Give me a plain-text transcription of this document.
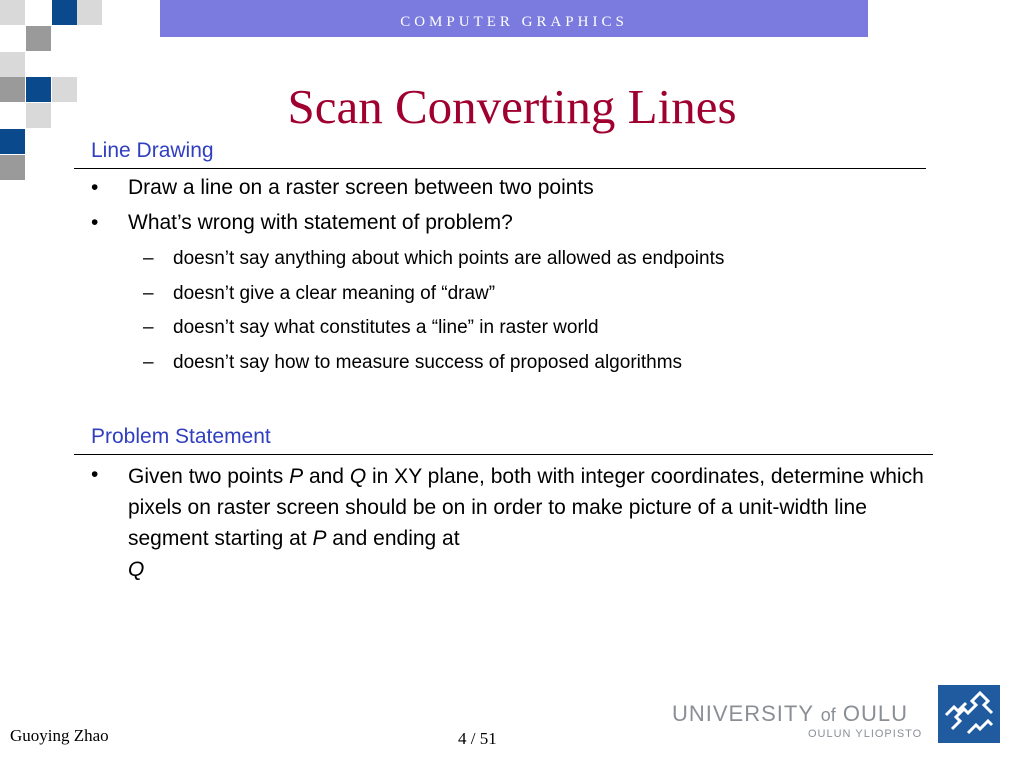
COMPUTER GRAPHICS
Scan Converting Lines
Line Drawing
• Draw a line on a raster screen between two points
• What’s wrong with statement of problem?
– doesn’t say anything about which points are allowed as endpoints
– doesn’t give a clear meaning of “draw”
– doesn’t say what constitutes a “line” in raster world
– doesn’t say how to measure success of proposed algorithms
Problem Statement
• Given two points P and Q in XY plane, both with integer coordinates, determine which pixels on raster screen should be on in order to make picture of a unit-width line segment starting at P and ending at
Q
Guoying Zhao	4 / 51
UNIVERSITY of OULU
OULUN YLIOPISTO
